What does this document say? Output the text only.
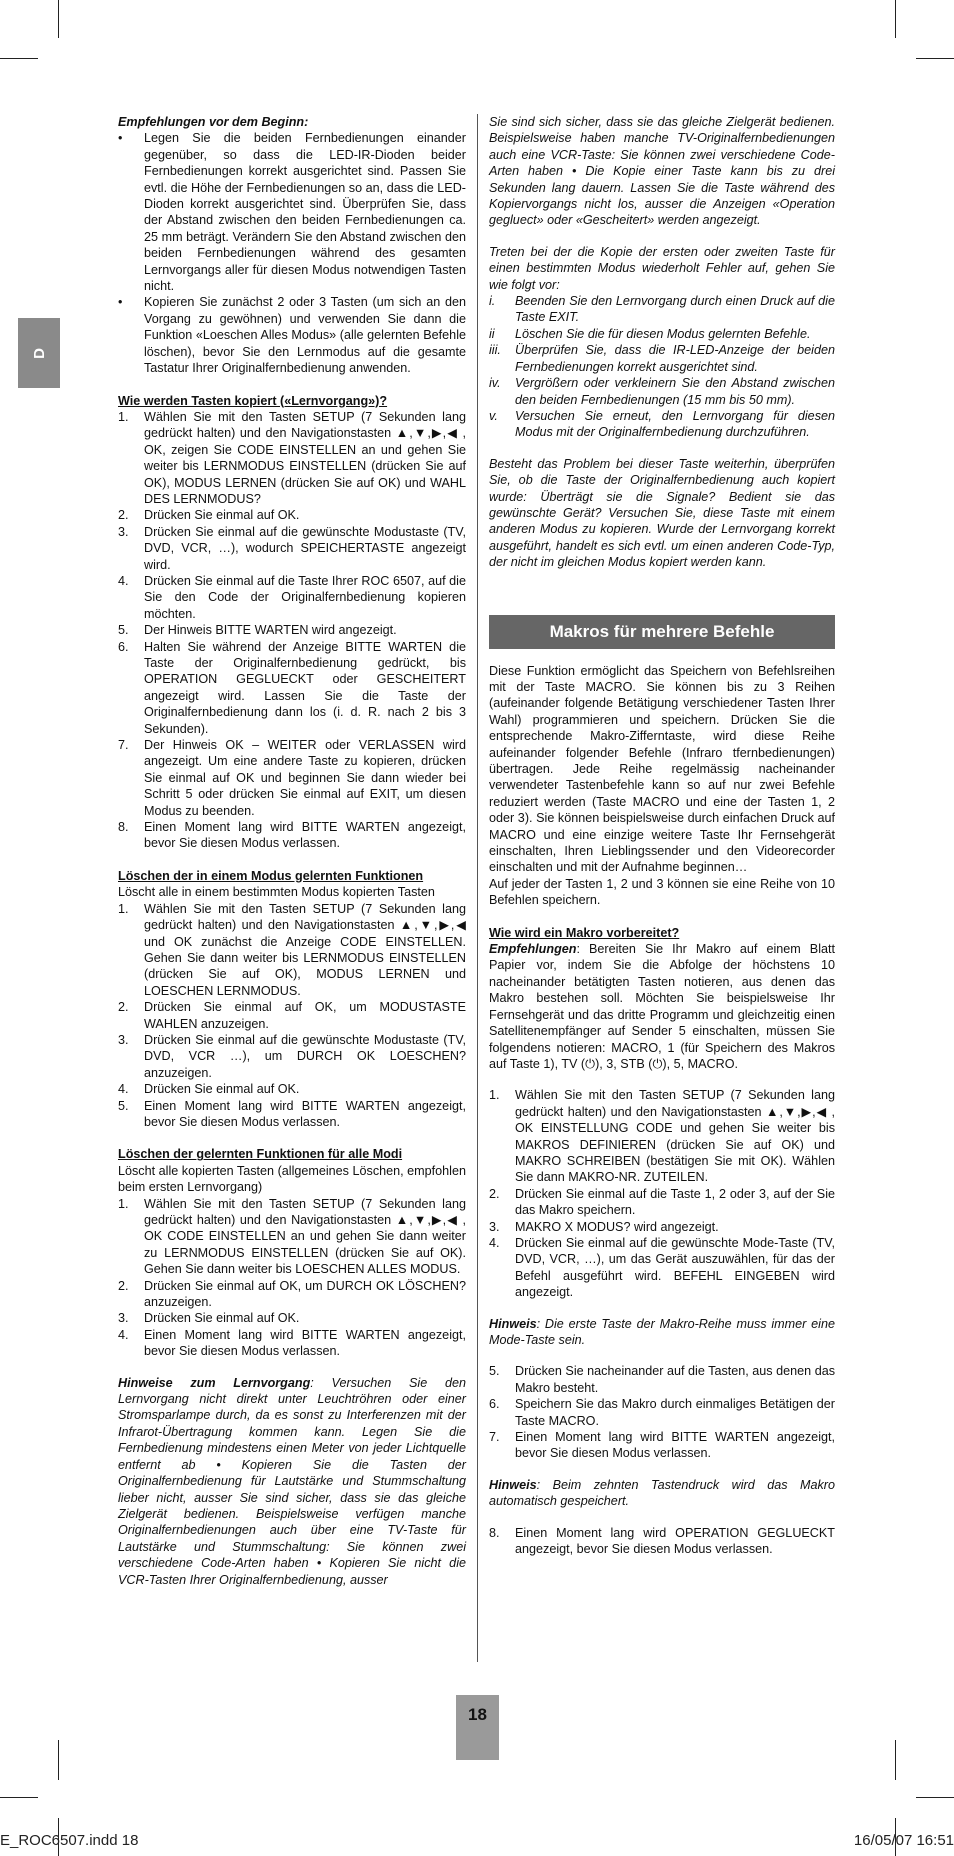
D

Empfehlungen vor dem Beginn:

• Legen Sie die beiden Fernbedienungen einander gegenüber, so dass die LED-IR-Dioden beider Fernbedienungen korrekt ausgerichtet sind. Passen Sie evtl. die Höhe der Fernbedienungen so an, dass die LED-Dioden korrekt ausgerichtet sind. Überprüfen Sie, dass der Abstand zwischen den beiden Fernbedienungen ca. 25 mm beträgt. Verändern Sie den Abstand zwischen den beiden Fernbedienungen während des gesamten Lernvorgangs aller für diesen Modus notwendigen Tasten nicht.
• Kopieren Sie zunächst 2 oder 3 Tasten (um sich an den Vorgang zu gewöhnen) und verwenden Sie dann die Funktion «Loeschen Alles Modus» (alle gelernten Befehle löschen), bevor Sie den Lernmodus auf die gesamte Tastatur Ihrer Originalfernbedienung anwenden.

Wie werden Tasten kopiert («Lernvorgang»)?

1. Wählen Sie mit den Tasten SETUP (7 Sekunden lang gedrückt halten) und den Navigationstasten ▲,▼,▶,◀ , OK, zeigen Sie CODE EINSTELLEN an und gehen Sie weiter bis LERNMODUS EINSTELLEN (drücken Sie auf OK), MODUS LERNEN (drücken Sie auf OK) und WAHL DES LERNMODUS?
2. Drücken Sie einmal auf OK.
3. Drücken Sie einmal auf die gewünschte Modustaste (TV, DVD, VCR, …), wodurch SPEICHERTASTE angezeigt wird.
4. Drücken Sie einmal auf die Taste Ihrer ROC 6507, auf die Sie den Code der Originalfernbedienung kopieren möchten.
5. Der Hinweis BITTE WARTEN wird angezeigt.
6. Halten Sie während der Anzeige BITTE WARTEN die Taste der Originalfernbedienung gedrückt, bis OPERATION GEGLUECKT oder GESCHEITERT angezeigt wird. Lassen Sie die Taste der Originalfernbedienung dann los (i. d. R. nach 2 bis 3 Sekunden).
7. Der Hinweis OK – WEITER oder VERLASSEN wird angezeigt. Um eine andere Taste zu kopieren, drücken Sie einmal auf OK und beginnen Sie dann wieder bei Schritt 5 oder drücken Sie einmal auf EXIT, um diesen Modus zu beenden.
8. Einen Moment lang wird BITTE WARTEN angezeigt, bevor Sie diesen Modus verlassen.

Löschen der in einem Modus gelernten Funktionen

Löscht alle in einem bestimmten Modus kopierten Tasten

1. Wählen Sie mit den Tasten SETUP (7 Sekunden lang gedrückt halten) und den Navigationstasten ▲,▼,▶,◀ und OK zunächst die Anzeige CODE EINSTELLEN. Gehen Sie dann weiter bis LERNMODUS EINSTELLEN (drücken Sie auf OK), MODUS LERNEN und LOESCHEN LERNMODUS.
2. Drücken Sie einmal auf OK, um MODUSTASTE WAHLEN anzuzeigen.
3. Drücken Sie einmal auf die gewünschte Modustaste (TV, DVD, VCR …), um DURCH OK LOESCHEN? anzuzeigen.
4. Drücken Sie einmal auf OK.
5. Einen Moment lang wird BITTE WARTEN angezeigt, bevor Sie diesen Modus verlassen.

Löschen der gelernten Funktionen für alle Modi

Löscht alle kopierten Tasten (allgemeines Löschen, empfohlen beim ersten Lernvorgang)

1. Wählen Sie mit den Tasten SETUP (7 Sekunden lang gedrückt halten) und den Navigationstasten ▲,▼,▶,◀ , OK CODE EINSTELLEN an und gehen Sie dann weiter zu LERNMODUS EINSTELLEN (drücken Sie auf OK). Gehen Sie dann weiter bis LOESCHEN ALLES MODUS.
2. Drücken Sie einmal auf OK, um DURCH OK LÖSCHEN? anzuzeigen.
3. Drücken Sie einmal auf OK.
4. Einen Moment lang wird BITTE WARTEN angezeigt, bevor Sie diesen Modus verlassen.

Hinweise zum Lernvorgang: Versuchen Sie den Lernvorgang nicht direkt unter Leuchtröhren oder einer Stromsparlampe durch, da es sonst zu Interferenzen mit der Infrarot-Übertragung kommen kann. Legen Sie die Fernbedienung mindestens einen Meter von jeder Lichtquelle entfernt ab • Kopieren Sie die Tasten der Originalfernbedienung für Lautstärke und Stummschaltung lieber nicht, ausser Sie sind sicher, dass sie das gleiche Zielgerät bedienen. Beispielsweise verfügen manche Originalfernbedienungen auch über eine TV-Taste für Lautstärke und Stummschaltung: Sie können zwei verschiedene Code-Arten haben • Kopieren Sie nicht die VCR-Tasten Ihrer Originalfernbedienung, ausser

Sie sind sich sicher, dass sie das gleiche Zielgerät bedienen. Beispielsweise haben manche TV-Originalfernbedienungen auch eine VCR-Taste: Sie können zwei verschiedene Code-Arten haben • Die Kopie einer Taste kann bis zu drei Sekunden lang dauern. Lassen Sie die Taste während des Kopiervorgangs nicht los, ausser die Anzeigen «Operation gegluect» oder «Gescheitert» werden angezeigt.

Treten bei der die Kopie der ersten oder zweiten Taste für einen bestimmten Modus wiederholt Fehler auf, gehen Sie wie folgt vor:

i. Beenden Sie den Lernvorgang durch einen Druck auf die Taste EXIT.
ii Löschen Sie die für diesen Modus gelernten Befehle.
iii. Überprüfen Sie, dass die IR-LED-Anzeige der beiden Fernbedienungen korrekt ausgerichtet sind.
iv. Vergrößern oder verkleinern Sie den Abstand zwischen den beiden Fernbedienungen (15 mm bis 50 mm).
v. Versuchen Sie erneut, den Lernvorgang für diesen Modus mit der Originalfernbedienung durchzuführen.

Besteht das Problem bei dieser Taste weiterhin, überprüfen Sie, ob die Taste der Originalfernbedienung auch kopiert wurde: Überträgt sie die Signale? Bedient sie das gewünschte Gerät? Versuchen Sie, diese Taste mit einem anderen Modus zu kopieren. Wurde der Lernvorgang korrekt ausgeführt, handelt es sich evtl. um einen anderen Code-Typ, der nicht im gleichen Modus kopiert werden kann.

Makros für mehrere Befehle

Diese Funktion ermöglicht das Speichern von Befehlsreihen mit der Taste MACRO. Sie können bis zu 3 Reihen (aufeinander folgende Betätigung verschiedener Tasten Ihrer Wahl) programmieren und speichern. Drücken Sie die entsprechende Makro-Zifferntaste, wird diese Reihe aufeinander folgender Befehle (Infraro tfernbedienungen) übertragen. Jede Reihe regelmässig nacheinander verwendeter Tastenbefehle kann so auf nur zwei Befehle reduziert werden (Taste MACRO und eine der Tasten 1, 2 oder 3). Sie können beispielsweise durch einfachen Druck auf MACRO und eine einzige weitere Taste Ihr Fernsehgerät einschalten, Ihren Lieblingssender und den Videorecorder einschalten und mit der Aufnahme beginnen…

Auf jeder der Tasten 1, 2 und 3 können sie eine Reihe von 10 Befehlen speichern.

Wie wird ein Makro vorbereitet?

Empfehlungen: Bereiten Sie Ihr Makro auf einem Blatt Papier vor, indem Sie die Abfolge der höchstens 10 nacheinander betätigten Tasten notieren, aus denen das Makro bestehen soll. Möchten Sie beispielsweise Ihr Fernsehgerät und das dritte Programm und gleichzeitig einen Satellitenempfänger auf Sender 5 einschalten, müssen Sie folgendens notieren: MACRO, 1 (für Speichern des Makros auf Taste 1), TV (⏻), 3, STB (⏻), 5, MACRO.

1. Wählen Sie mit den Tasten SETUP (7 Sekunden lang gedrückt halten) und den Navigationstasten ▲,▼,▶,◀ , OK EINSTELLUNG CODE und gehen Sie weiter bis MAKROS DEFINIEREN (drücken Sie auf OK) und MAKRO SCHREIBEN (bestätigen Sie mit OK). Wählen Sie dann MAKRO-NR. ZUTEILEN.
2. Drücken Sie einmal auf die Taste 1, 2 oder 3, auf der Sie das Makro speichern.
3. MAKRO X MODUS? wird angezeigt.
4. Drücken Sie einmal auf die gewünschte Mode-Taste (TV, DVD, VCR, …), um das Gerät auszuwählen, für das der Befehl ausgeführt wird. BEFEHL EINGEBEN wird angezeigt.

Hinweis: Die erste Taste der Makro-Reihe muss immer eine Mode-Taste sein.

5. Drücken Sie nacheinander auf die Tasten, aus denen das Makro besteht.
6. Speichern Sie das Makro durch einmaliges Betätigen der Taste MACRO.
7. Einen Moment lang wird BITTE WARTEN angezeigt, bevor Sie diesen Modus verlassen.

Hinweis: Beim zehnten Tastendruck wird das Makro automatisch gespeichert.

8. Einen Moment lang wird OPERATION GEGLUECKT angezeigt, bevor Sie diesen Modus verlassen.
18
E_ROC6507.indd 18	16/05/07 16:51
